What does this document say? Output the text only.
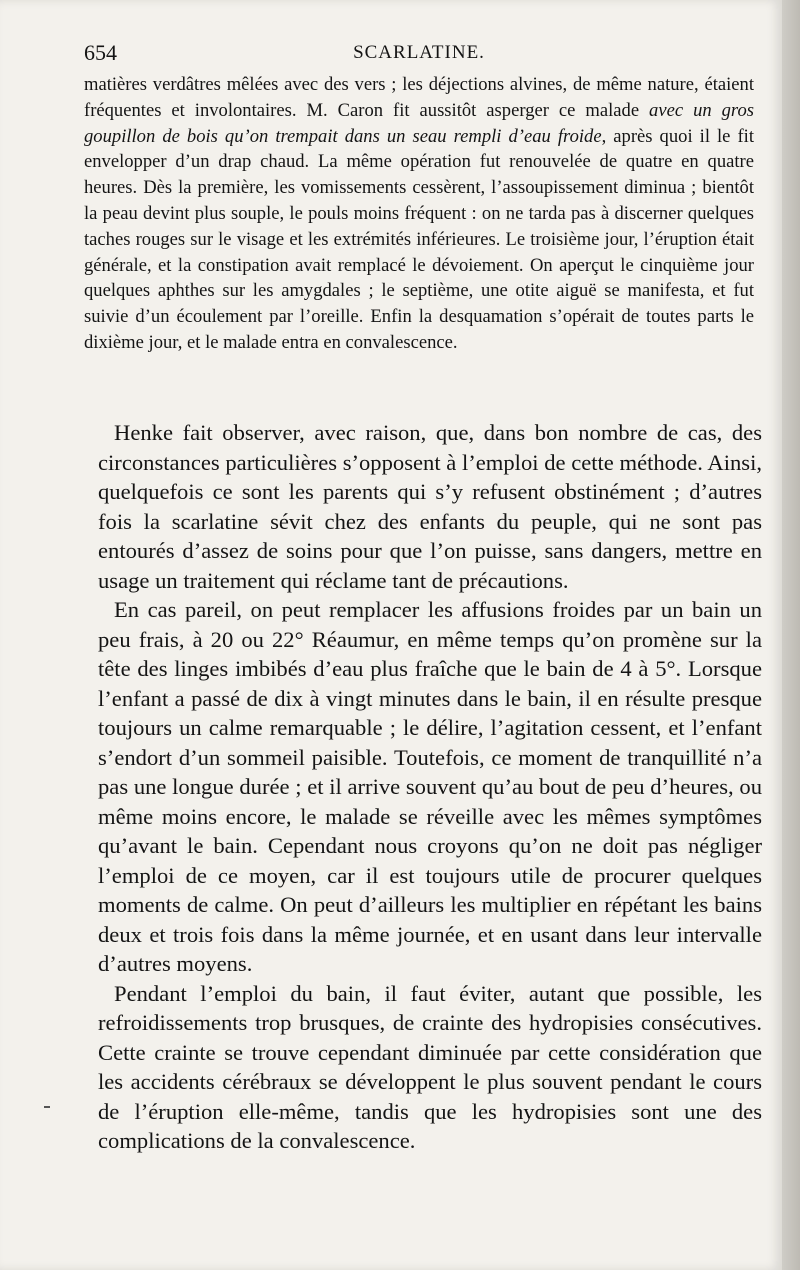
654	SCARLATINE.

matières verdâtres mêlées avec des vers ; les déjections alvines, de même nature, étaient fréquentes et involontaires. M. Caron fit aussitôt asperger ce malade avec un gros goupillon de bois qu’on trempait dans un seau rempli d’eau froide, après quoi il le fit envelopper d’un drap chaud. La même opération fut renouvelée de quatre en quatre heures. Dès la première, les vomissements cessèrent, l’assoupissement diminua ; bientôt la peau devint plus souple, le pouls moins fréquent : on ne tarda pas à discerner quelques taches rouges sur le visage et les extrémités inférieures. Le troisième jour, l’éruption était générale, et la constipation avait remplacé le dévoiement. On aperçut le cinquième jour quelques aphthes sur les amygdales ; le septième, une otite aiguë se manifesta, et fut suivie d’un écoulement par l’oreille. Enfin la desquamation s’opérait de toutes parts le dixième jour, et le malade entra en convalescence.

Henke fait observer, avec raison, que, dans bon nombre de cas, des circonstances particulières s’opposent à l’emploi de cette méthode. Ainsi, quelquefois ce sont les parents qui s’y refusent obstinément ; d’autres fois la scarlatine sévit chez des enfants du peuple, qui ne sont pas entourés d’assez de soins pour que l’on puisse, sans dangers, mettre en usage un traitement qui réclame tant de précautions.

En cas pareil, on peut remplacer les affusions froides par un bain un peu frais, à 20 ou 22° Réaumur, en même temps qu’on promène sur la tête des linges imbibés d’eau plus fraîche que le bain de 4 à 5°. Lorsque l’enfant a passé de dix à vingt minutes dans le bain, il en résulte presque toujours un calme remarquable ; le délire, l’agitation cessent, et l’enfant s’endort d’un sommeil paisible. Toutefois, ce moment de tranquillité n’a pas une longue durée ; et il arrive souvent qu’au bout de peu d’heures, ou même moins encore, le malade se réveille avec les mêmes symptômes qu’avant le bain. Cependant nous croyons qu’on ne doit pas négliger l’emploi de ce moyen, car il est toujours utile de procurer quelques moments de calme. On peut d’ailleurs les multiplier en répétant les bains deux et trois fois dans la même journée, et en usant dans leur intervalle d’autres moyens.

Pendant l’emploi du bain, il faut éviter, autant que possible, les refroidissements trop brusques, de crainte des hydropisies consécutives. Cette crainte se trouve cependant diminuée par cette considération que les accidents cérébraux se développent le plus souvent pendant le cours de l’éruption elle-même, tandis que les hydropisies sont une des complications de la convalescence.
